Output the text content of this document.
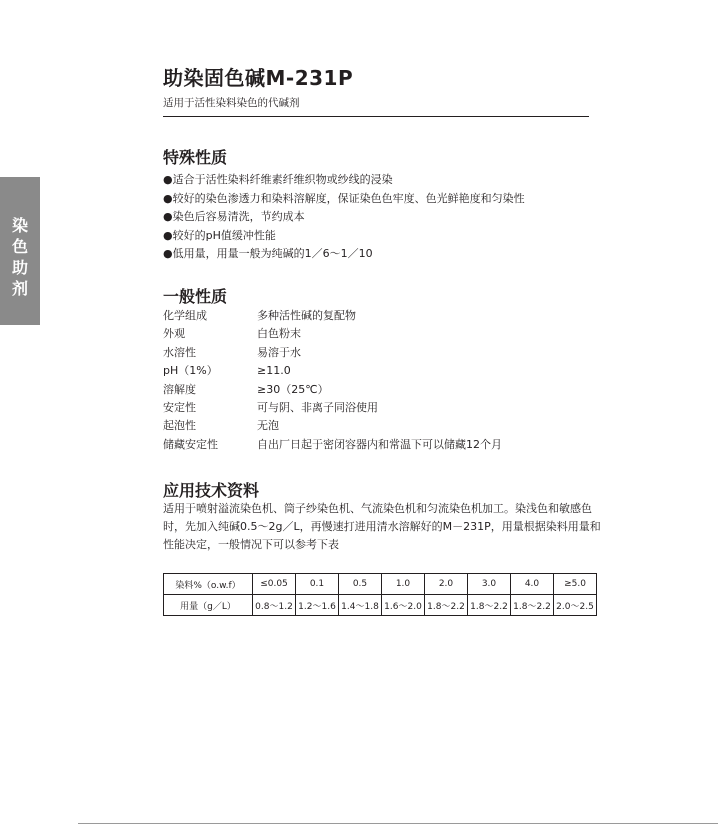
染
色
助
剂
助染固色碱M-231P
适用于活性染料染色的代碱剂
特殊性质
●适合于活性染料纤维素纤维织物或纱线的浸染
●较好的染色渗透力和染料溶解度，保证染色色牢度、色光鲜艳度和匀染性
●染色后容易清洗，节约成本
●较好的pH值缓冲性能
●低用量，用量一般为纯碱的1／6～1／10
一般性质
化学组成	多种活性碱的复配物
外观	白色粉末
水溶性	易溶于水
pH（1%）	≥11.0
溶解度	≥30（25℃）
安定性	可与阴、非离子同浴使用
起泡性	无泡
储藏安定性	自出厂日起于密闭容器内和常温下可以储藏12个月
应用技术资料
适用于喷射溢流染色机、筒子纱染色机、气流染色机和匀流染色机加工。染浅色和敏感色时，先加入纯碱0.5～2g／L，再慢速打进用清水溶解好的M－231P，用量根据染料用量和性能决定，一般情况下可以参考下表
染料%（o.w.f）	≤0.05	0.1	0.5	1.0	2.0	3.0	4.0	≥5.0
用量（g／L）	0.8～1.2	1.2～1.6	1.4～1.8	1.6～2.0	1.8～2.2	1.8～2.2	1.8～2.2	2.0～2.5
